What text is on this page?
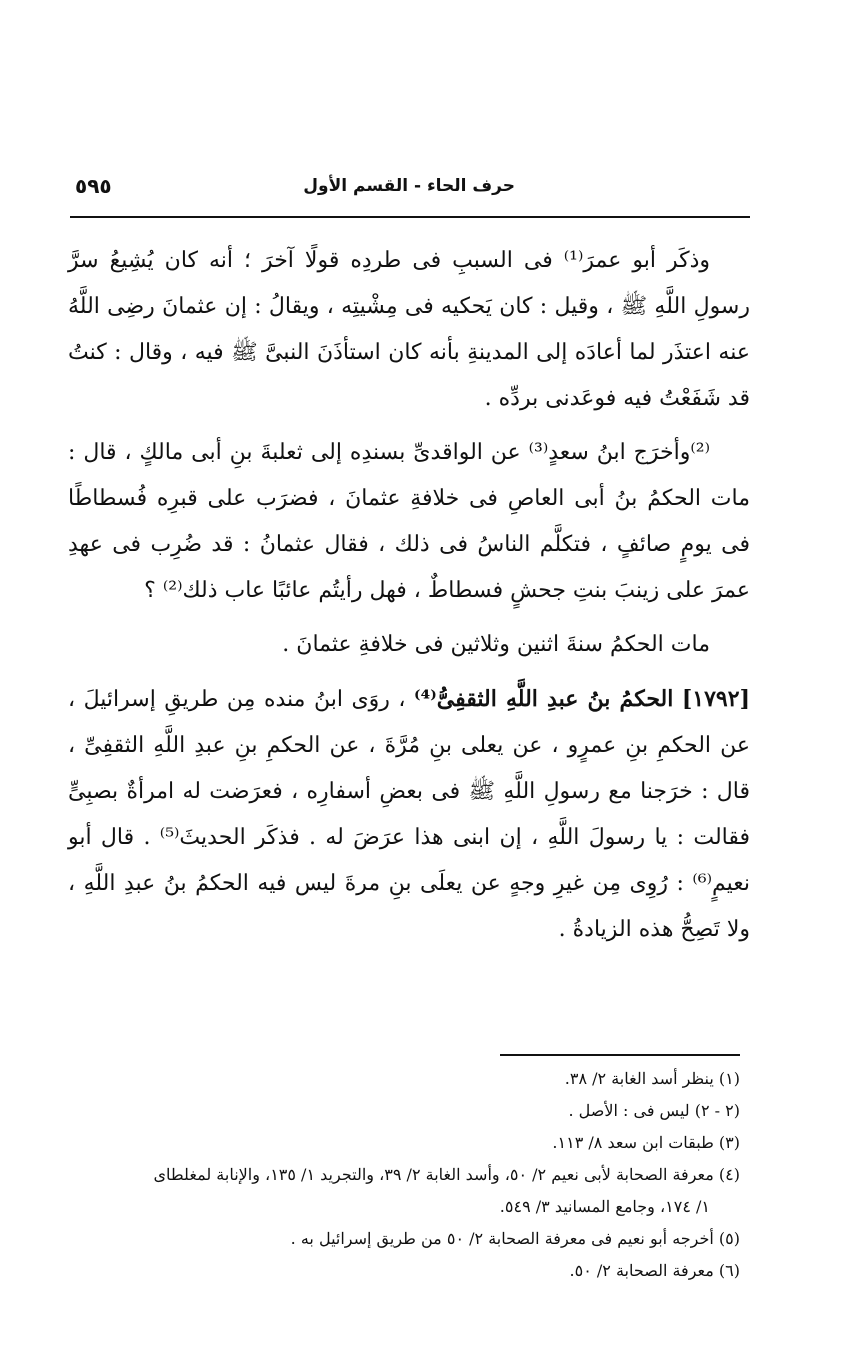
حرف الحاء - القسم الأول
٥٩٥

وذكَر أبو عمرَ⁽¹⁾ فى السببِ فى طردِه قولًا آخرَ ؛ أنه كان يُشِيعُ سرَّ رسولِ اللَّهِ ﷺ ، وقيل : كان يَحكيه فى مِشْيتِه ، ويقالُ : إن عثمانَ رضِى اللَّهُ عنه اعتذَر لما أعادَه إلى المدينةِ بأنه كان استأذَنَ النبىَّ ﷺ فيه ، وقال : كنتُ قد شَفَعْتُ فيه فوعَدنى بردِّه .

⁽²⁾وأخرَج ابنُ سعدٍ⁽³⁾ عن الواقدىِّ بسندِه إلى ثعلبةَ بنِ أبى مالكٍ ، قال : مات الحكمُ بنُ أبى العاصِ فى خلافةِ عثمانَ ، فضرَب على قبرِه فُسطاطًا فى يومٍ صائفٍ ، فتكلَّم الناسُ فى ذلك ، فقال عثمانُ : قد ضُرِب فى عهدِ عمرَ على زينبَ بنتِ جحشٍ فسطاطٌ ، فهل رأيتُم عائبًا عاب ذلك⁽²⁾ ؟

مات الحكمُ سنةَ اثنين وثلاثين فى خلافةِ عثمانَ .

[١٧٩٢] الحكمُ بنُ عبدِ اللَّهِ الثقفِىُّ⁽⁴⁾ ، روَى ابنُ منده مِن طريقِ إسرائيلَ ، عن الحكمِ بنِ عمرٍو ، عن يعلى بنِ مُرَّةَ ، عن الحكمِ بنِ عبدِ اللَّهِ الثقفِىِّ ، قال : خرَجنا مع رسولِ اللَّهِ ﷺ فى بعضِ أسفارِه ، فعرَضت له امرأةٌ بصبِىٍّ فقالت : يا رسولَ اللَّهِ ، إن ابنى هذا عرَضَ له . فذكَر الحديثَ⁽⁵⁾ . قال أبو نعيمٍ⁽⁶⁾ : رُوِى مِن غيرِ وجهٍ عن يعلَى بنِ مرةَ ليس فيه الحكمُ بنُ عبدِ اللَّهِ ، ولا تَصِحُّ هذه الزيادةُ .

(١) ينظر أسد الغابة ٢/ ٣٨.
(٢ - ٢) ليس فى : الأصل .
(٣) طبقات ابن سعد ٨/ ١١٣.
(٤) معرفة الصحابة لأبى نعيم ٢/ ٥٠، وأسد الغابة ٢/ ٣٩، والتجريد ١/ ١٣٥، والإنابة لمغلطاى
١/ ١٧٤، وجامع المسانيد ٣/ ٥٤٩.
(٥) أخرجه أبو نعيم فى معرفة الصحابة ٢/ ٥٠ من طريق إسرائيل به .
(٦) معرفة الصحابة ٢/ ٥٠.
